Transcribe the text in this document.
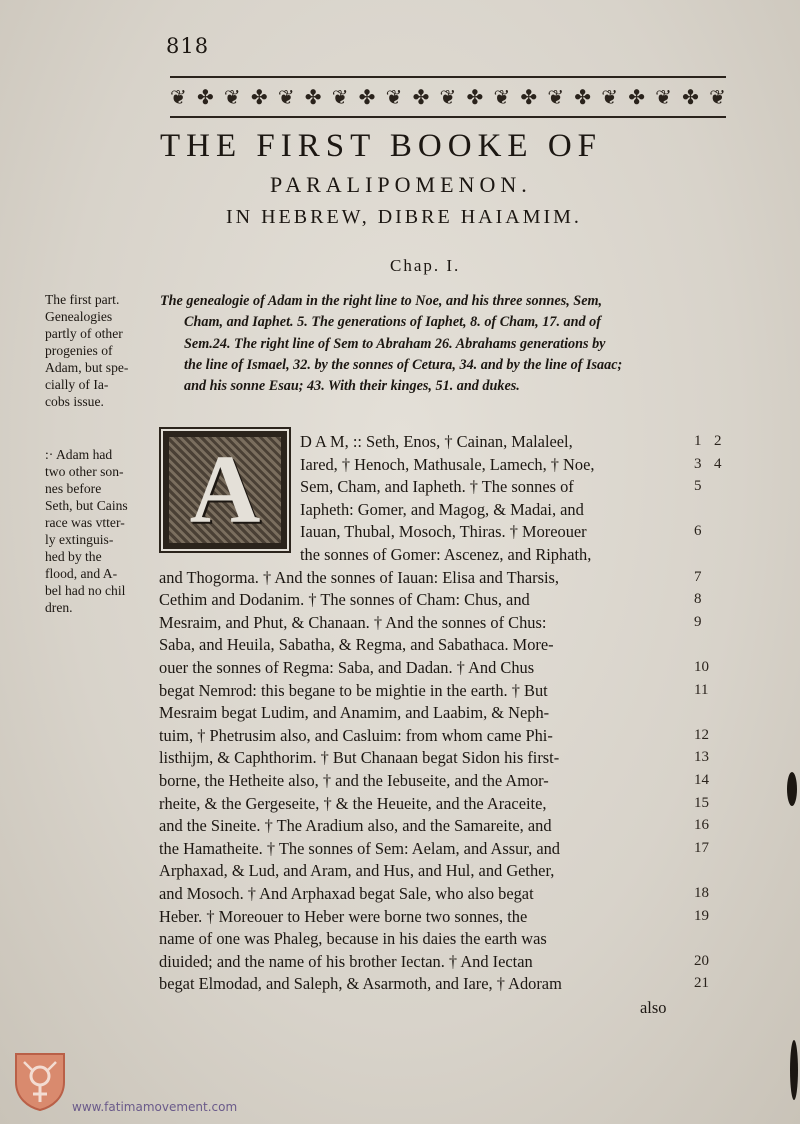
818
❦ ✤ ❦ ✤ ❦ ✤ ❦ ✤ ❦ ✤ ❦ ✤ ❦ ✤ ❦ ✤ ❦ ✤ ❦ ✤ ❦
THE FIRST BOOKE OF
PARALIPOMENON.
IN HEBREW, DIBRE HAIAMIM.
Chap. I.
The genealogie of Adam in the right line to Noe, and his three sonnes, Sem,
Cham, and Iaphet. 5. The generations of Iaphet, 8. of Cham, 17. and of
Sem.24. The right line of Sem to Abraham 26. Abrahams generations by
the line of Ismael, 32. by the sonnes of Cetura, 34. and by the line of Isaac;
and his sonne Esau; 43. With their kinges, 51. and dukes.
The first part.
Genealogies
partly of other
progenies of
Adam, but spe-
cially of Ia-
cobs issue.
:· Adam had
two other son-
nes before
Seth, but Cains
race was vtter-
ly extinguis-
hed by the
flood, and A-
bel had no chil
dren.
A D A M, :: Seth, Enos, † Cainan, Malaleel,
Iared, † Henoch, Mathusale, Lamech, † Noe,
Sem, Cham, and Iapheth. † The sonnes of
Iapheth: Gomer, and Magog, & Madai, and
Iauan, Thubal, Mosoch, Thiras. † Moreouer
the sonnes of Gomer: Ascenez, and Riphath,
and Thogorma. † And the sonnes of Iauan: Elisa and Tharsis,
Cethim and Dodanim. † The sonnes of Cham: Chus, and
Mesraim, and Phut, & Chanaan. † And the sonnes of Chus:
Saba, and Heuila, Sabatha, & Regma, and Sabathaca. More-
ouer the sonnes of Regma: Saba, and Dadan. † And Chus
begat Nemrod: this begane to be mightie in the earth. † But
Mesraim begat Ludim, and Anamim, and Laabim, & Neph-
tuim, † Phetrusim also, and Casluim: from whom came Phi-
listhijm, & Caphthorim. † But Chanaan begat Sidon his first-
borne, the Hetheite also, † and the Iebuseite, and the Amor-
rheite, & the Gergeseite, † & the Heueite, and the Araceite,
and the Sineite. † The Aradium also, and the Samareite, and
the Hamatheite. † The sonnes of Sem: Aelam, and Assur, and
Arphaxad, & Lud, and Aram, and Hus, and Hul, and Gether,
and Mosoch. † And Arphaxad begat Sale, who also begat
Heber. † Moreouer to Heber were borne two sonnes, the
name of one was Phaleg, because in his daies the earth was
diuided; and the name of his brother Iectan. † And Iectan
begat Elmodad, and Saleph, & Asarmoth, and Iare, † Adoram
1 2
3 4
5
6
7
8
9
10
11
12
13
14
15
16
17
18
19
20
21
also
www.fatimamovement.com
